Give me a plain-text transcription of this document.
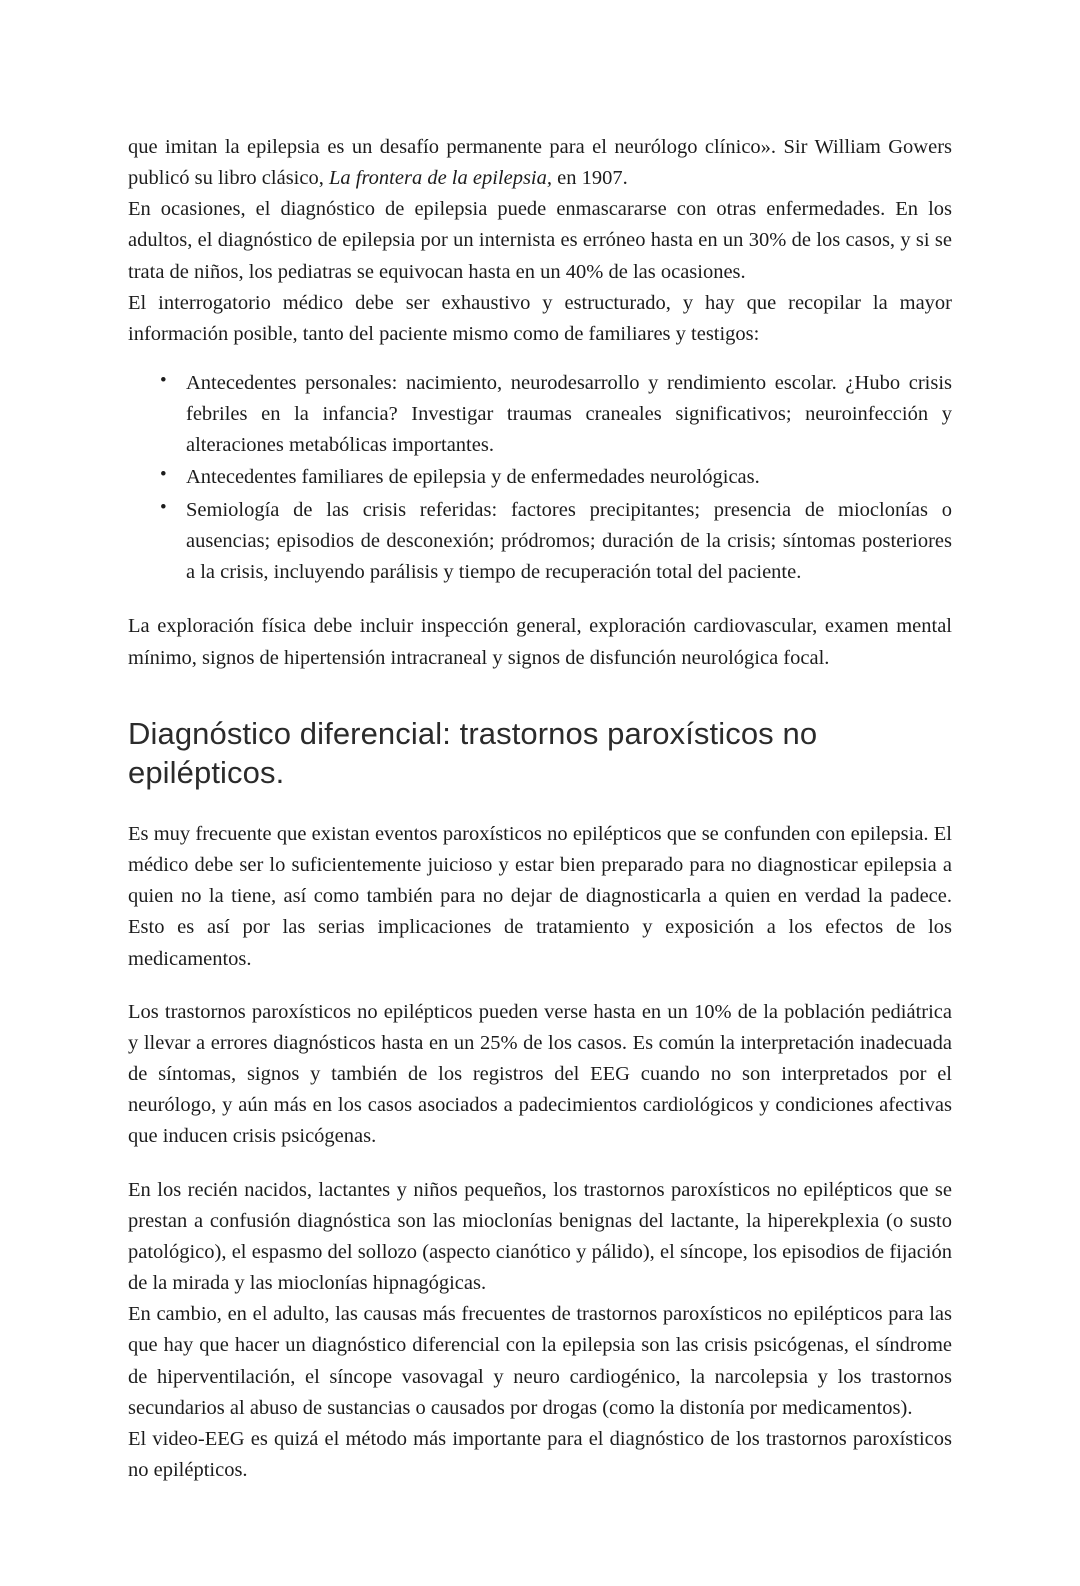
que imitan la epilepsia es un desafío permanente para el neurólogo clínico». Sir William Gowers publicó su libro clásico, La frontera de la epilepsia, en 1907.

En ocasiones, el diagnóstico de epilepsia puede enmascararse con otras enfermedades. En los adultos, el diagnóstico de epilepsia por un internista es erróneo hasta en un 30% de los casos, y si se trata de niños, los pediatras se equivocan hasta en un 40% de las ocasiones.

El interrogatorio médico debe ser exhaustivo y estructurado, y hay que recopilar la mayor información posible, tanto del paciente mismo como de familiares y testigos:

• Antecedentes personales: nacimiento, neurodesarrollo y rendimiento escolar. ¿Hubo crisis febriles en la infancia? Investigar traumas craneales significativos; neuroinfección y alteraciones metabólicas importantes.
• Antecedentes familiares de epilepsia y de enfermedades neurológicas.
• Semiología de las crisis referidas: factores precipitantes; presencia de mioclonías o ausencias; episodios de desconexión; pródromos; duración de la crisis; síntomas posteriores a la crisis, incluyendo parálisis y tiempo de recuperación total del paciente.

La exploración física debe incluir inspección general, exploración cardiovascular, examen mental mínimo, signos de hipertensión intracraneal y signos de disfunción neurológica focal.

Diagnóstico diferencial: trastornos paroxísticos no epilépticos.

Es muy frecuente que existan eventos paroxísticos no epilépticos que se confunden con epilepsia. El médico debe ser lo suficientemente juicioso y estar bien preparado para no diagnosticar epilepsia a quien no la tiene, así como también para no dejar de diagnosticarla a quien en verdad la padece. Esto es así por las serias implicaciones de tratamiento y exposición a los efectos de los medicamentos.

Los trastornos paroxísticos no epilépticos pueden verse hasta en un 10% de la población pediátrica y llevar a errores diagnósticos hasta en un 25% de los casos. Es común la interpretación inadecuada de síntomas, signos y también de los registros del EEG cuando no son interpretados por el neurólogo, y aún más en los casos asociados a padecimientos cardiológicos y condiciones afectivas que inducen crisis psicógenas.

En los recién nacidos, lactantes y niños pequeños, los trastornos paroxísticos no epilépticos que se prestan a confusión diagnóstica son las mioclonías benignas del lactante, la hiperekplexia (o susto patológico), el espasmo del sollozo (aspecto cianótico y pálido), el síncope, los episodios de fijación de la mirada y las mioclonías hipnagógicas.

En cambio, en el adulto, las causas más frecuentes de trastornos paroxísticos no epilépticos para las que hay que hacer un diagnóstico diferencial con la epilepsia son las crisis psicógenas, el síndrome de hiperventilación, el síncope vasovagal y neuro cardiogénico, la narcolepsia y los trastornos secundarios al abuso de sustancias o causados por drogas (como la distonía por medicamentos).

El video-EEG es quizá el método más importante para el diagnóstico de los trastornos paroxísticos no epilépticos.
